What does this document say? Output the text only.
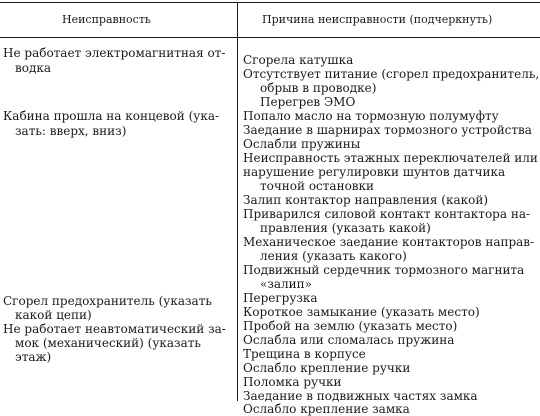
Неисправность	Причина неисправности (подчеркнуть)
Не работает электромагнитная от-
водка
Кабина прошла на концевой (ука-
зать: вверх, вниз)
Сгорел предохранитель (указать
какой цепи)
Не работает неавтоматический за-
мок (механический) (указать
этаж)
Сгорела катушка
Отсутствует питание (сгорел предохранитель,
обрыв в проводке)
Перегрев ЭМО
Попало масло на тормозную полумуфту
Заедание в шарнирах тормозного устройства
Ослабли пружины
Неисправность этажных переключателей или
нарушение регулировки шунтов датчика
точной остановки
Залип контактор направления (какой)
Приварился силовой контакт контактора на-
правления (указать какой)
Механическое заедание контакторов направ-
ления (указать какого)
Подвижный сердечник тормозного магнита
«залип»
Перегрузка
Короткое замыкание (указать место)
Пробой на землю (указать место)
Ослабла или сломалась пружина
Трещина в корпусе
Ослабло крепление ручки
Поломка ручки
Заедание в подвижных частях замка
Ослабло крепление замка
